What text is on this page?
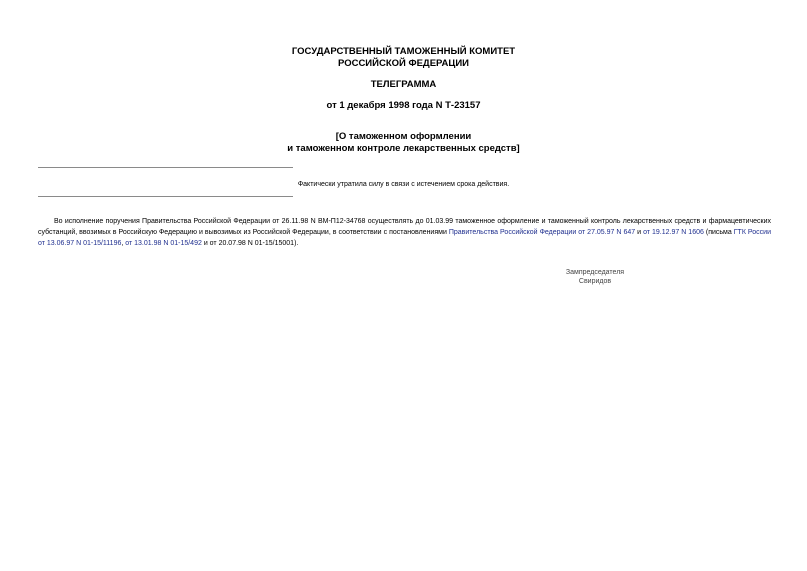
ГОСУДАРСТВЕННЫЙ ТАМОЖЕННЫЙ КОМИТЕТ
РОССИЙСКОЙ ФЕДЕРАЦИИ
ТЕЛЕГРАММА
от 1 декабря 1998 года N Т-23157
[О таможенном оформлении
и таможенном контроле лекарственных средств]
Фактически утратила силу в связи с истечением срока действия.
Во исполнение поручения Правительства Российской Федерации от 26.11.98 N ВМ-П12-34768 осуществлять до 01.03.99 таможенное оформление и таможенный контроль лекарственных средств и фармацевтических субстанций, ввозимых в Российскую Федерацию и вывозимых из Российской Федерации, в соответствии с постановлениями Правительства Российской Федерации от 27.05.97 N 647 и от 19.12.97 N 1606 (письма ГТК России от 13.06.97 N 01-15/11196, от 13.01.98 N 01-15/492 и от 20.07.98 N 01-15/15001).
Зампредседателя
Свиридов
